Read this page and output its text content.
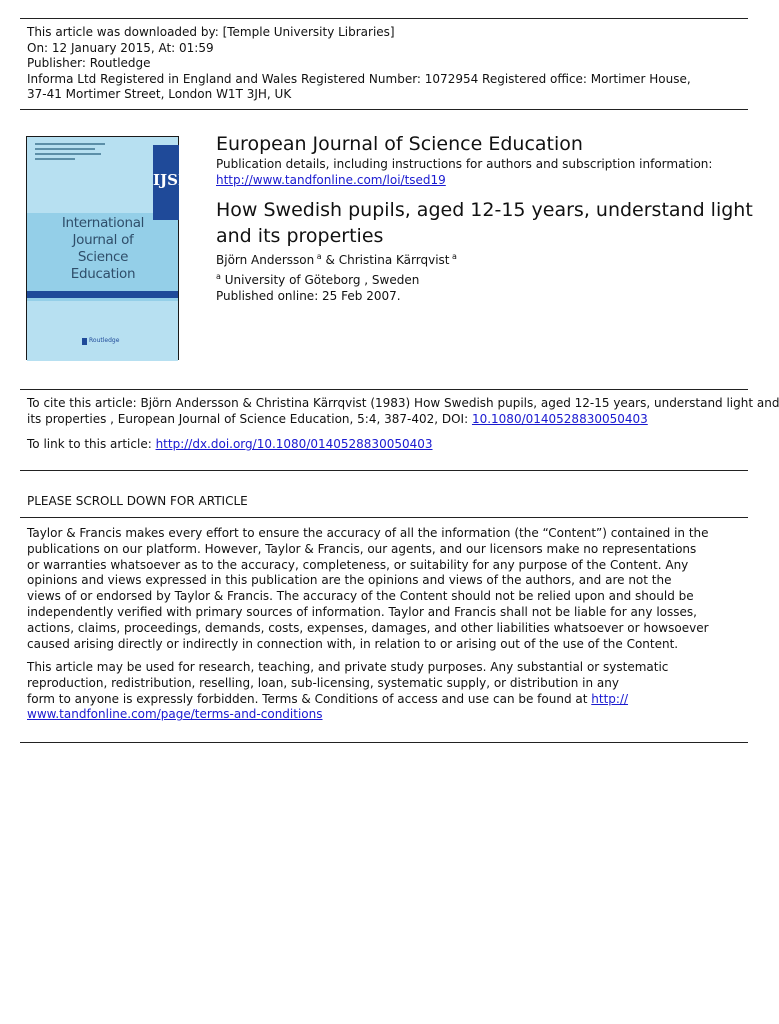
This article was downloaded by: [Temple University Libraries]
On: 12 January 2015, At: 01:59
Publisher: Routledge
Informa Ltd Registered in England and Wales Registered Number: 1072954 Registered office: Mortimer House,
37-41 Mortimer Street, London W1T 3JH, UK
IJSE
International
Journal of
Science
Education
Routledge
European Journal of Science Education
Publication details, including instructions for authors and subscription information:
http://www.tandfonline.com/loi/tsed19
How Swedish pupils, aged 12-15 years, understand light
and its properties
Björn Andersson $^a$ & Christina Kärrqvist $^a$
$^a$ University of Göteborg , Sweden
Published online: 25 Feb 2007.
To cite this article: Björn Andersson & Christina Kärrqvist (1983) How Swedish pupils, aged 12-15 years, understand light and
its properties , European Journal of Science Education, 5:4, 387-402, DOI: 10.1080/0140528830050403
To link to this article: http://dx.doi.org/10.1080/0140528830050403
PLEASE SCROLL DOWN FOR ARTICLE
Taylor & Francis makes every effort to ensure the accuracy of all the information (the “Content”) contained in the
publications on our platform. However, Taylor & Francis, our agents, and our licensors make no representations
or warranties whatsoever as to the accuracy, completeness, or suitability for any purpose of the Content. Any
opinions and views expressed in this publication are the opinions and views of the authors, and are not the
views of or endorsed by Taylor & Francis. The accuracy of the Content should not be relied upon and should be
independently verified with primary sources of information. Taylor and Francis shall not be liable for any losses,
actions, claims, proceedings, demands, costs, expenses, damages, and other liabilities whatsoever or howsoever
caused arising directly or indirectly in connection with, in relation to or arising out of the use of the Content.
This article may be used for research, teaching, and private study purposes. Any substantial or systematic
reproduction, redistribution, reselling, loan, sub-licensing, systematic supply, or distribution in any
form to anyone is expressly forbidden. Terms & Conditions of access and use can be found at http://
www.tandfonline.com/page/terms-and-conditions
